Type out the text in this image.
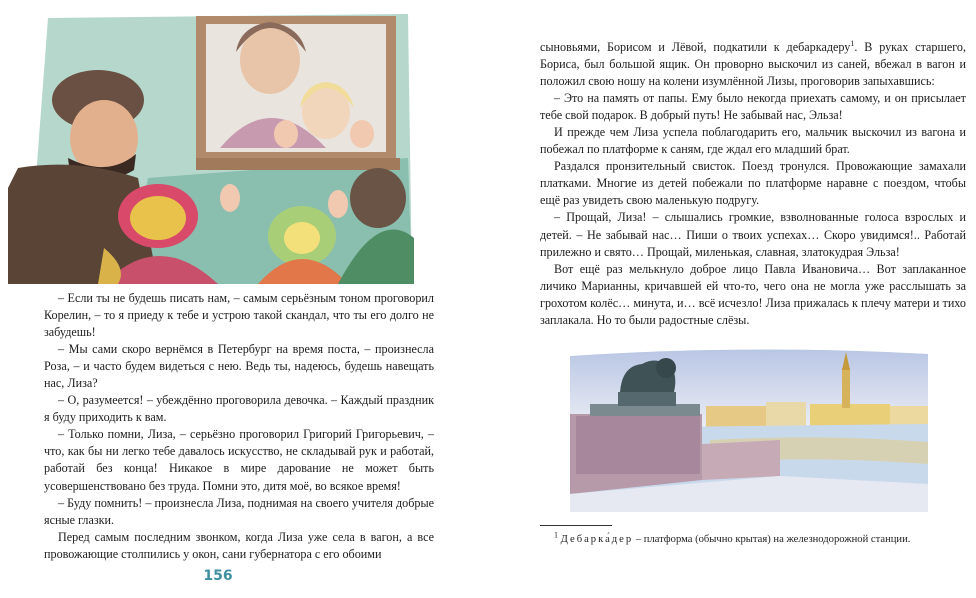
– Если ты не будешь писать нам, – самым серьёзным тоном проговорил Корелин, – то я приеду к тебе и устрою такой скандал, что ты его долго не забудешь!

– Мы сами скоро вернёмся в Петербург на время поста, – произнесла Роза, – и часто будем видеться с нею. Ведь ты, надеюсь, будешь навещать нас, Лиза?

– О, разумеется! – убеждённо проговорила девочка. – Каждый праздник я буду приходить к вам.

– Только помни, Лиза, – серьёзно проговорил Григорий Григорьевич, – что, как бы ни легко тебе давалось искусство, не складывай рук и работай, работай без конца! Никакое в мире дарование не может быть усовершенствовано без труда. Помни это, дитя моё, во всякое время!

– Буду помнить! – произнесла Лиза, поднимая на своего учителя добрые ясные глазки.

Перед самым последним звонком, когда Лиза уже села в вагон, а все провожающие столпились у окон, сани губернатора с его обоими

156

сыновьями, Борисом и Лёвой, подкатили к дебаркадеру$^1$. В руках старшего, Бориса, был большой ящик. Он проворно выскочил из саней, вбежал в вагон и положил свою ношу на колени изумлённой Лизы, проговорив запыхавшись:

– Это на память от папы. Ему было некогда приехать самому, и он присылает тебе свой подарок. В добрый путь! Не забывай нас, Эльза!

И прежде чем Лиза успела поблагодарить его, мальчик выскочил из вагона и побежал по платформе к саням, где ждал его младший брат.

Раздался пронзительный свисток. Поезд тронулся. Провожающие замахали платками. Многие из детей побежали по платформе наравне с поездом, чтобы ещё раз увидеть свою маленькую подругу.

– Прощай, Лиза! – слышались громкие, взволнованные голоса взрослых и детей. – Не забывай нас… Пиши о твоих успехах… Скоро увидимся!.. Работай прилежно и свято… Прощай, миленькая, славная, златокудрая Эльза!

Вот ещё раз мелькнуло доброе лицо Павла Ивановича… Вот заплаканное личико Марианны, кричавшей ей что-то, чего она не могла уже расслышать за грохотом колёс… минута, и… всё исчезло! Лиза прижалась к плечу матери и тихо заплакала. Но то были радостные слёзы.

$^1$ Дебарка́дер – платформа (обычно крытая) на железнодорожной станции.
